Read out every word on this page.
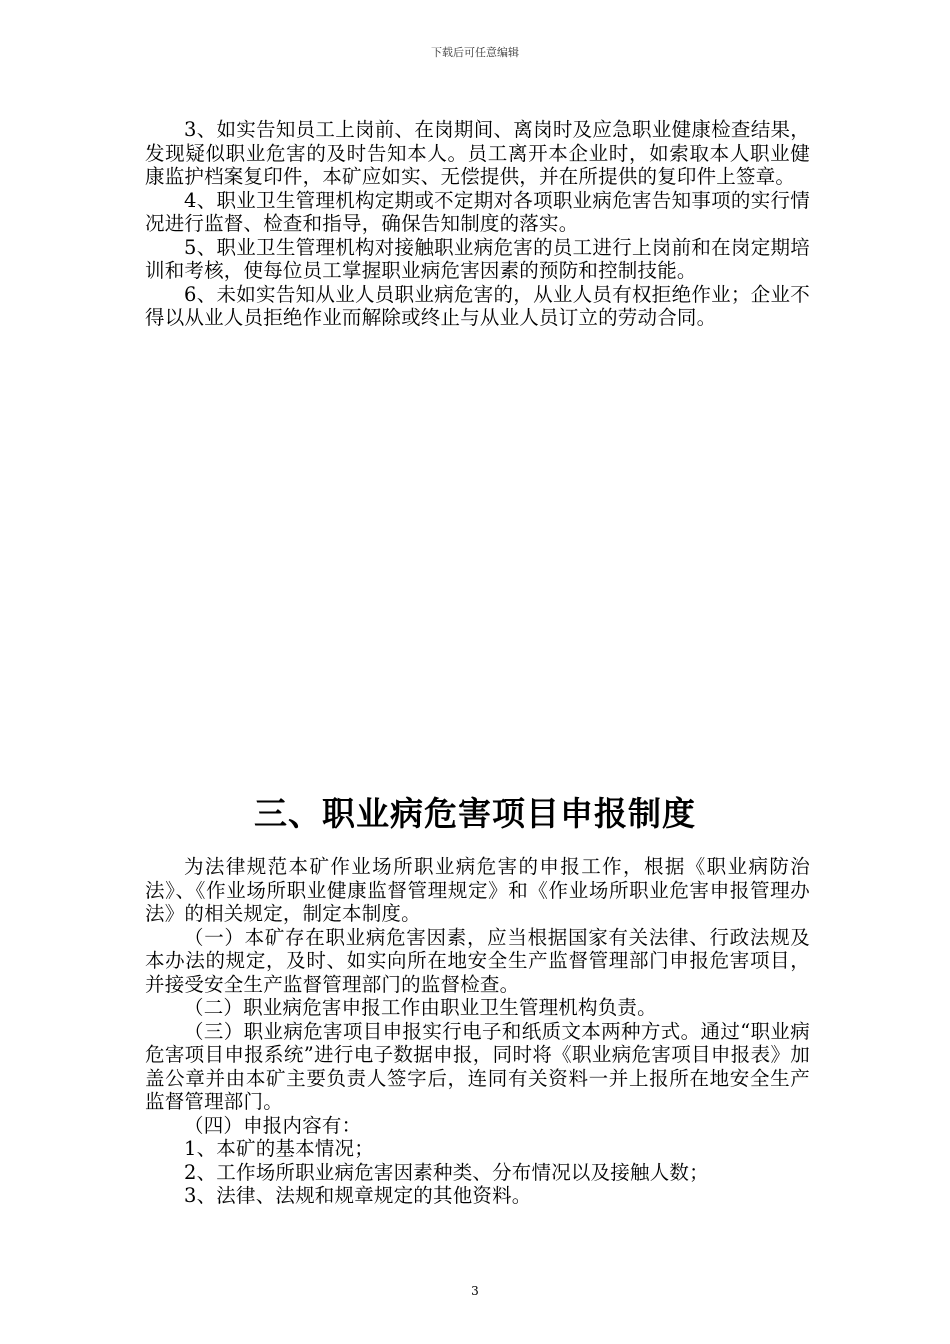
下载后可任意编辑

3、如实告知员工上岗前、在岗期间、离岗时及应急职业健康检查结果，发现疑似职业危害的及时告知本人。员工离开本企业时，如索取本人职业健康监护档案复印件，本矿应如实、无偿提供，并在所提供的复印件上签章。

4、职业卫生管理机构定期或不定期对各项职业病危害告知事项的实行情况进行监督、检查和指导，确保告知制度的落实。

5、职业卫生管理机构对接触职业病危害的员工进行上岗前和在岗定期培训和考核，使每位员工掌握职业病危害因素的预防和控制技能。

6、未如实告知从业人员职业病危害的，从业人员有权拒绝作业；企业不得以从业人员拒绝作业而解除或终止与从业人员订立的劳动合同。

三、职业病危害项目申报制度

为法律规范本矿作业场所职业病危害的申报工作，根据《职业病防治法》、《作业场所职业健康监督管理规定》和《作业场所职业危害申报管理办法》的相关规定，制定本制度。

（一）本矿存在职业病危害因素，应当根据国家有关法律、行政法规及本办法的规定，及时、如实向所在地安全生产监督管理部门申报危害项目，并接受安全生产监督管理部门的监督检查。

（二）职业病危害申报工作由职业卫生管理机构负责。

（三）职业病危害项目申报实行电子和纸质文本两种方式。通过“职业病危害项目申报系统”进行电子数据申报，同时将《职业病危害项目申报表》加盖公章并由本矿主要负责人签字后，连同有关资料一并上报所在地安全生产监督管理部门。

（四）申报内容有：

1、本矿的基本情况；

2、工作场所职业病危害因素种类、分布情况以及接触人数；

3、法律、法规和规章规定的其他资料。

3
